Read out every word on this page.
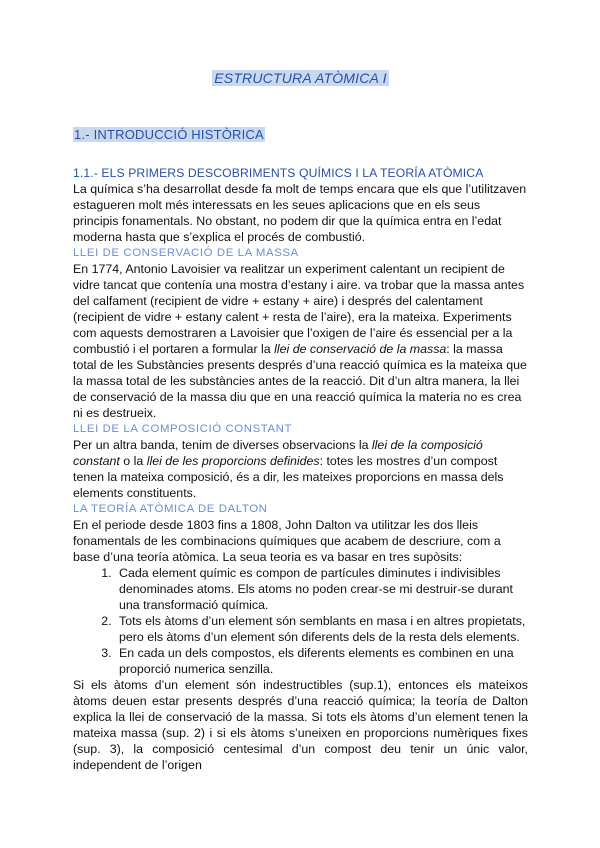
ESTRUCTURA ATÒMICA I
1.- INTRODUCCIÓ HISTÒRICA
1.1.- ELS PRIMERS DESCOBRIMENTS QUÍMICS I LA TEORÍA ATÒMICA

La química s’ha desarrollat desde fa molt de temps encara que els que l’utilitzaven estagueren molt més interessats en les seues aplicacions que en els seus principis fonamentals. No obstant, no podem dir que la química entra en l’edat moderna hasta que s’explica el procés de combustió.

LLEI DE CONSERVACIÓ DE LA MASSA

En 1774, Antonio Lavoisier va realitzar un experiment calentant un recipient de vidre tancat que contenía una mostra d’estany i aire. va trobar que la massa antes del calfament (recipient de vidre + estany + aire) i després del calentament (recipient de vidre + estany calent + resta de l’aire), era la mateixa. Experiments com aquests demostraren a Lavoisier que l’oxigen de l’aire és essencial per a la combustió i el portaren a formular la llei de conservació de la massa: la massa total de les Substàncies presents després d’una reacció química es la mateixa que la massa total de les substàncies antes de la reacció. Dit d’un altra manera, la llei de conservació de la massa diu que en una reacció química la materia no es crea ni es destrueix.

LLEI DE LA COMPOSICIÓ CONSTANT

Per un altra banda, tenim de diverses observacions la llei de la composició constant o la llei de les proporcions definides: totes les mostres d’un compost tenen la mateixa composició, és a dir, les mateixes proporcions en massa dels elements constituents.

LA TEORÍA ATÒMICA DE DALTON

En el periode desde 1803 fins a 1808, John Dalton va utilitzar les dos lleis fonamentals de les combinacions químiques que acabem de descriure, com a base d’una teoría atòmica. La seua teoria es va basar en tres supòsits:

1. Cada element químic es compon de partícules diminutes i indivisibles denominades atoms. Els atoms no poden crear-se mi destruir-se durant una transformació química.
2. Tots els àtoms d’un element són semblants en masa i en altres propietats, pero els àtoms d’un element són diferents dels de la resta dels elements.
3. En cada un dels compostos, els diferents elements es combinen en una proporció numerica senzilla.

Si els àtoms d’un element són indestructibles (sup.1), entonces els mateixos àtoms deuen estar presents després d’una reacció química; la teoría de Dalton explica la llei de conservació de la massa. Si tots els àtoms d’un element tenen la mateixa massa (sup. 2) i si els àtoms s’uneixen en proporcions numèriques fixes (sup. 3), la composició centesimal d’un compost deu tenir un únic valor, independent de l’origen
